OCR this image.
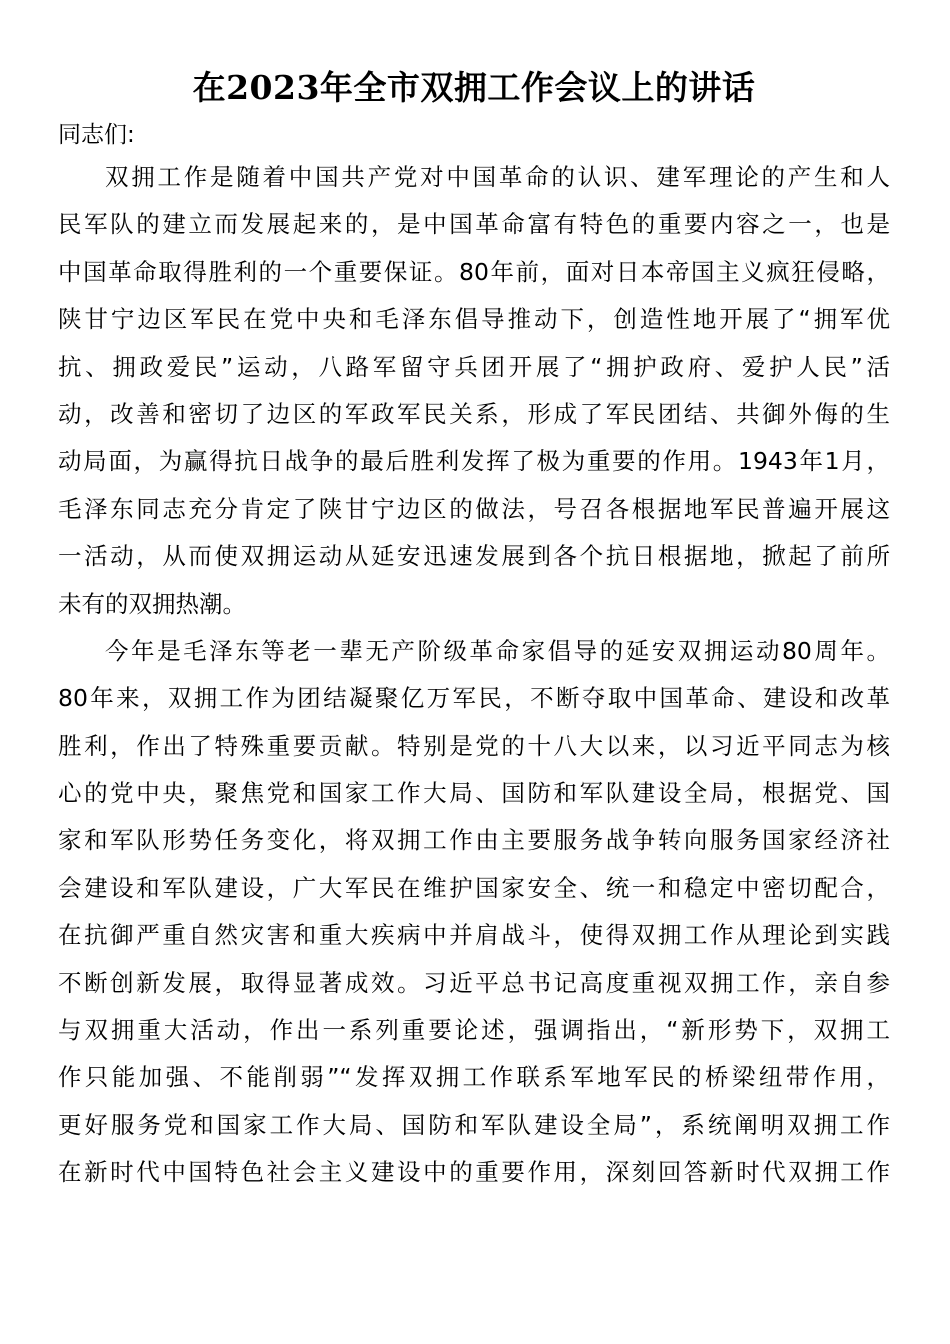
在2023年全市双拥工作会议上的讲话
同志们:
双拥工作是随着中国共产党对中国革命的认识、建军理论的产生和人
民军队的建立而发展起来的，是中国革命富有特色的重要内容之一，也是
中国革命取得胜利的一个重要保证。80年前，面对日本帝国主义疯狂侵略，
陕甘宁边区军民在党中央和毛泽东倡导推动下，创造性地开展了“拥军优
抗、拥政爱民”运动，八路军留守兵团开展了“拥护政府、爱护人民”活
动，改善和密切了边区的军政军民关系，形成了军民团结、共御外侮的生
动局面，为赢得抗日战争的最后胜利发挥了极为重要的作用。1943年1月，
毛泽东同志充分肯定了陕甘宁边区的做法，号召各根据地军民普遍开展这
一活动，从而使双拥运动从延安迅速发展到各个抗日根据地，掀起了前所
未有的双拥热潮。
今年是毛泽东等老一辈无产阶级革命家倡导的延安双拥运动80周年。
80年来，双拥工作为团结凝聚亿万军民，不断夺取中国革命、建设和改革
胜利，作出了特殊重要贡献。特别是党的十八大以来，以习近平同志为核
心的党中央，聚焦党和国家工作大局、国防和军队建设全局，根据党、国
家和军队形势任务变化，将双拥工作由主要服务战争转向服务国家经济社
会建设和军队建设，广大军民在维护国家安全、统一和稳定中密切配合，
在抗御严重自然灾害和重大疾病中并肩战斗，使得双拥工作从理论到实践
不断创新发展，取得显著成效。习近平总书记高度重视双拥工作，亲自参
与双拥重大活动，作出一系列重要论述，强调指出，“新形势下，双拥工
作只能加强、不能削弱”“发挥双拥工作联系军地军民的桥梁纽带作用，
更好服务党和国家工作大局、国防和军队建设全局”，系统阐明双拥工作
在新时代中国特色社会主义建设中的重要作用，深刻回答新时代双拥工作
